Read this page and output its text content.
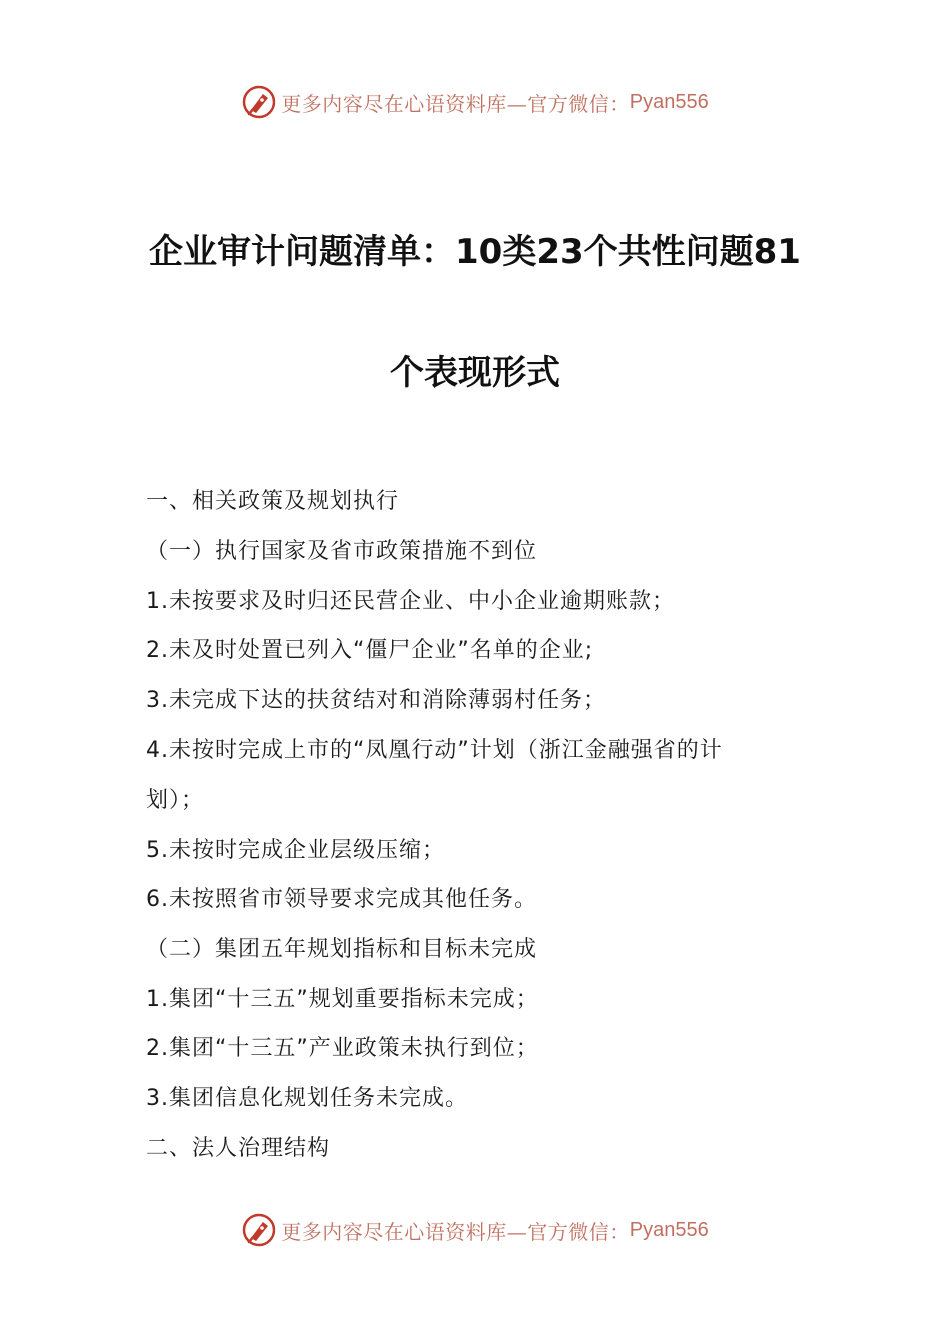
更多内容尽在心语资料库—官方微信： Pyan556
企业审计问题清单：10类23个共性问题81
个表现形式
一、相关政策及规划执行
（一）执行国家及省市政策措施不到位
1.未按要求及时归还民营企业、中小企业逾期账款；
2.未及时处置已列入“僵尸企业”名单的企业;
3.未完成下达的扶贫结对和消除薄弱村任务；
4.未按时完成上市的“凤凰行动”计划（浙江金融强省的计
划）；
5.未按时完成企业层级压缩；
6.未按照省市领导要求完成其他任务。
（二）集团五年规划指标和目标未完成
1.集团“十三五”规划重要指标未完成；
2.集团“十三五”产业政策未执行到位；
3.集团信息化规划任务未完成。
二、法人治理结构
更多内容尽在心语资料库—官方微信： Pyan556
